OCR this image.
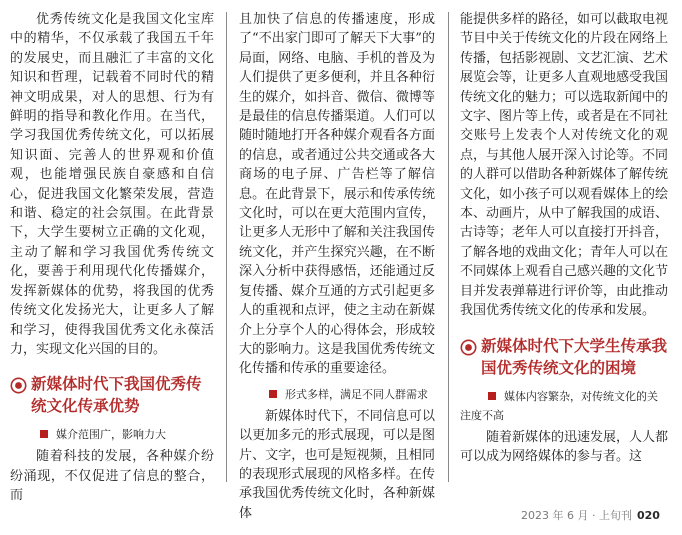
优秀传统文化是我国文化宝库中的精华，不仅承载了我国五千年的发展史，而且融汇了丰富的文化知识和哲理，记载着不同时代的精神文明成果，对人的思想、行为有鲜明的指导和教化作用。在当代，学习我国优秀传统文化，可以拓展知识面、完善人的世界观和价值观，也能增强民族自豪感和自信心，促进我国文化繁荣发展，营造和谐、稳定的社会氛围。在此背景下，大学生要树立正确的文化观，主动了解和学习我国优秀传统文化，要善于利用现代化传播媒介，发挥新媒体的优势，将我国的优秀传统文化发扬光大，让更多人了解和学习，使得我国优秀文化永葆活力，实现文化兴国的目的。

新媒体时代下我国优秀传统文化传承优势
媒介范围广，影响力大

随着科技的发展，各种媒介纷纷涌现，不仅促进了信息的整合，而

且加快了信息的传播速度，形成了“不出家门即可了解天下大事”的局面，网络、电脑、手机的普及为人们提供了更多便利，并且各种衍生的媒介，如抖音、微信、微博等是最佳的信息传播渠道。人们可以随时随地打开各种媒介观看各方面的信息，或者通过公共交通或各大商场的电子屏、广告栏等了解信息。在此背景下，展示和传承传统文化时，可以在更大范围内宣传，让更多人无形中了解和关注我国传统文化，并产生探究兴趣，在不断深入分析中获得感悟，还能通过反复传播、媒介互通的方式引起更多人的重视和点评，使之主动在新媒介上分享个人的心得体会，形成较大的影响力。这是我国优秀传统文化传播和传承的重要途径。

形式多样，满足不同人群需求

新媒体时代下，不同信息可以以更加多元的形式展现，可以是图片、文字，也可是短视频，且相同的表现形式展现的风格多样。在传承我国优秀传统文化时，各种新媒体

能提供多样的路径，如可以截取电视节目中关于传统文化的片段在网络上传播，包括影视剧、文艺汇演、艺术展览会等，让更多人直观地感受我国传统文化的魅力；可以选取新闻中的文字、图片等上传，或者是在不同社交账号上发表个人对传统文化的观点，与其他人展开深入讨论等。不同的人群可以借助各种新媒体了解传统文化，如小孩子可以观看媒体上的绘本、动画片，从中了解我国的成语、古诗等；老年人可以直接打开抖音，了解各地的戏曲文化；青年人可以在不同媒体上观看自己感兴趣的文化节目并发表弹幕进行评价等，由此推动我国优秀传统文化的传承和发展。

新媒体时代下大学生传承我国优秀传统文化的困境
媒体内容繁杂，对传统文化的关注度不高

随着新媒体的迅速发展，人人都可以成为网络媒体的参与者。这

2023 年 6 月 · 上旬刊 020
